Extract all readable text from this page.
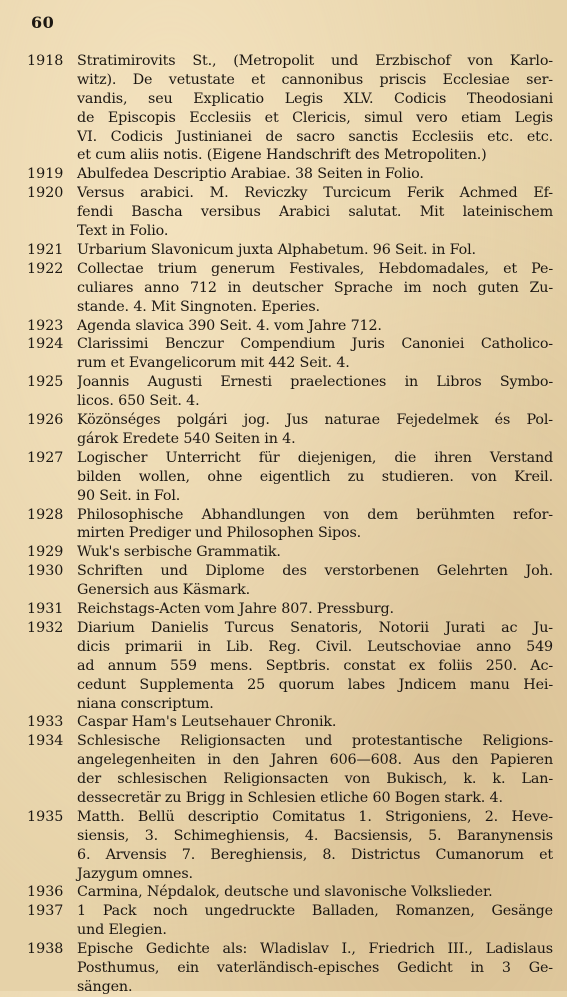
60
1918 Stratimirovits St., (Metropolit und Erzbischof von Karlo-
witz). De vetustate et cannonibus priscis Ecclesiae ser-
vandis, seu Explicatio Legis XLV. Codicis Theodosiani
de Episcopis Ecclesiis et Clericis, simul vero etiam Legis
VI. Codicis Justinianei de sacro sanctis Ecclesiis etc. etc.
et cum aliis notis. (Eigene Handschrift des Metropoliten.)
1919 Abulfedea Descriptio Arabiae. 38 Seiten in Folio.
1920 Versus arabici. M. Reviczky Turcicum Ferik Achmed Ef-
fendi Bascha versibus Arabici salutat. Mit lateinischem
Text in Folio.
1921 Urbarium Slavonicum juxta Alphabetum. 96 Seit. in Fol.
1922 Collectae trium generum Festivales, Hebdomadales, et Pe-
culiares anno 712 in deutscher Sprache im noch guten Zu-
stande. 4. Mit Singnoten. Eperies.
1923 Agenda slavica 390 Seit. 4. vom Jahre 712.
1924 Clarissimi Benczur Compendium Juris Canoniei Catholico-
rum et Evangelicorum mit 442 Seit. 4.
1925 Joannis Augusti Ernesti praelectiones in Libros Symbo-
licos. 650 Seit. 4.
1926 Közönséges polgári jog. Jus naturae Fejedelmek és Pol-
gárok Eredete 540 Seiten in 4.
1927 Logischer Unterricht für diejenigen, die ihren Verstand
bilden wollen, ohne eigentlich zu studieren. von Kreil.
90 Seit. in Fol.
1928 Philosophische Abhandlungen von dem berühmten refor-
mirten Prediger und Philosophen Sipos.
1929 Wuk's serbische Grammatik.
1930 Schriften und Diplome des verstorbenen Gelehrten Joh.
Genersich aus Käsmark.
1931 Reichstags-Acten vom Jahre 807. Pressburg.
1932 Diarium Danielis Turcus Senatoris, Notorii Jurati ac Ju-
dicis primarii in Lib. Reg. Civil. Leutschoviae anno 549
ad annum 559 mens. Septbris. constat ex foliis 250. Ac-
cedunt Supplementa 25 quorum labes Jndicem manu Hei-
niana conscriptum.
1933 Caspar Ham's Leutsehauer Chronik.
1934 Schlesische Religionsacten und protestantische Religions-
angelegenheiten in den Jahren 606—608. Aus den Papieren
der schlesischen Religionsacten von Bukisch, k. k. Lan-
dessecretär zu Brigg in Schlesien etliche 60 Bogen stark. 4.
1935 Matth. Bellü descriptio Comitatus 1. Strigoniens, 2. Heve-
siensis, 3. Schimeghiensis, 4. Bacsiensis, 5. Baranynensis
6. Arvensis 7. Bereghiensis, 8. Districtus Cumanorum et
Jazygum omnes.
1936 Carmina, Népdalok, deutsche und slavonische Volkslieder.
1937 1 Pack noch ungedruckte Balladen, Romanzen, Gesänge
und Elegien.
1938 Epische Gedichte als: Wladislav I., Friedrich III., Ladislaus
Posthumus, ein vaterländisch-episches Gedicht in 3 Ge-
sängen.
